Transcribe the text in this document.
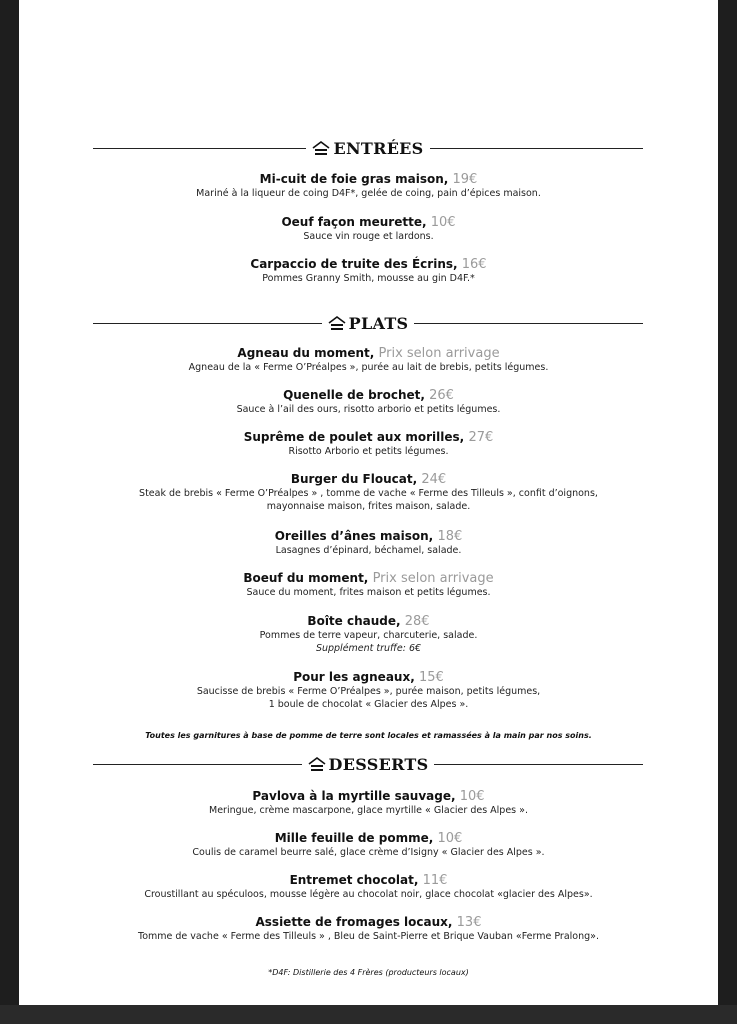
ENTRÉES
Mi-cuit de foie gras maison, 19€
Mariné à la liqueur de coing D4F*, gelée de coing, pain d’épices maison.
Oeuf façon meurette, 10€
Sauce vin rouge et lardons.
Carpaccio de truite des Écrins, 16€
Pommes Granny Smith, mousse au gin D4F.*
PLATS
Agneau du moment, Prix selon arrivage
Agneau de la « Ferme O’Préalpes », purée au lait de brebis, petits légumes.
Quenelle de brochet, 26€
Sauce à l’ail des ours, risotto arborio et petits légumes.
Suprême de poulet aux morilles, 27€
Risotto Arborio et petits légumes.
Burger du Floucat, 24€
Steak de brebis « Ferme O’Préalpes » , tomme de vache « Ferme des Tilleuls », confit d’oignons,
mayonnaise maison, frites maison, salade.
Oreilles d’ânes maison, 18€
Lasagnes d’épinard, béchamel, salade.
Boeuf du moment, Prix selon arrivage
Sauce du moment, frites maison et petits légumes.
Boîte chaude, 28€
Pommes de terre vapeur, charcuterie, salade.
Supplément truffe: 6€
Pour les agneaux, 15€
Saucisse de brebis « Ferme O’Préalpes », purée maison, petits légumes,
1 boule de chocolat « Glacier des Alpes ».
Toutes les garnitures à base de pomme de terre sont locales et ramassées à la main par nos soins.
DESSERTS
Pavlova à la myrtille sauvage, 10€
Meringue, crème mascarpone, glace myrtille « Glacier des Alpes ».
Mille feuille de pomme, 10€
Coulis de caramel beurre salé, glace crème d’Isigny « Glacier des Alpes ».
Entremet chocolat, 11€
Croustillant au spéculoos, mousse légère au chocolat noir, glace chocolat «glacier des Alpes».
Assiette de fromages locaux, 13€
Tomme de vache « Ferme des Tilleuls » , Bleu de Saint-Pierre et Brique Vauban «Ferme Pralong».
*D4F: Distillerie des 4 Frères (producteurs locaux)
